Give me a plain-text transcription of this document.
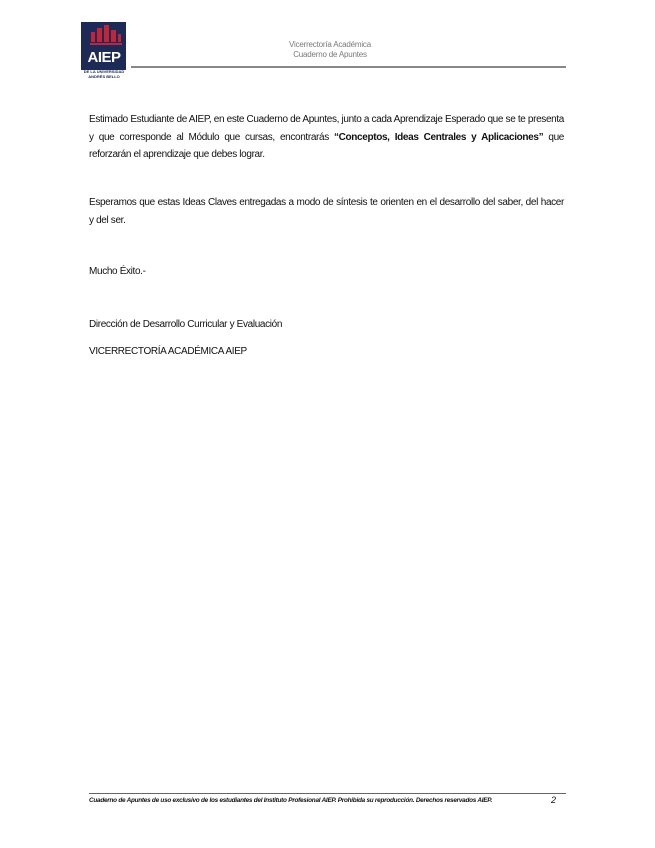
AIEP
DE LA UNIVERSIDAD
ANDRÉS BELLO
Vicerrectoría Académica
Cuaderno de Apuntes
Estimado Estudiante de AIEP, en este Cuaderno de Apuntes, junto a cada Aprendizaje Esperado que se te presenta y que corresponde al Módulo que cursas, encontrarás “Conceptos, Ideas Centrales y Aplicaciones” que reforzarán el aprendizaje que debes lograr.
Esperamos que estas Ideas Claves entregadas a modo de síntesis te orienten en el desarrollo del saber, del hacer y del ser.
Mucho Éxito.-
Dirección de Desarrollo Curricular y Evaluación
VICERRECTORÍA ACADÉMICA AIEP
Cuaderno de Apuntes de uso exclusivo de los estudiantes del Instituto Profesional AIEP. Prohibida su reproducción. Derechos reservados AIEP.	2
